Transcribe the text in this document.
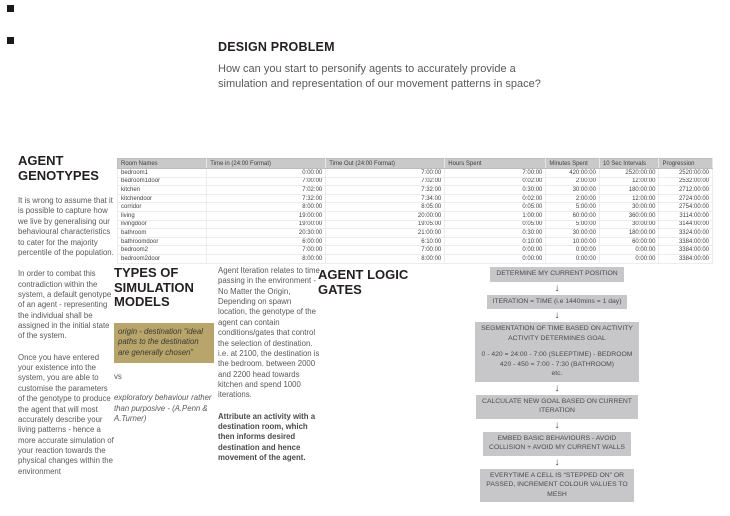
DESIGN PROBLEM

How can you start to personify agents to accurately provide a simulation and representation of our movement patterns in space?

AGENT GENOTYPES

It is wrong to assume that it is possible to capture how we live by generalising our behavioural characteristics to cater for the majority percentile of the population.

In order to combat this contradiction within the system, a default genotype of an agent - representing the individual shall be assigned in the initial state of the system.

Once you have entered your existence into the system, you are able to customise the parameters of the genotype to produce the agent that will most accurately describe your living patterns - hence a more accurate simulation of your reaction towards the physical changes within the environment

Room Names	Time in (24:00 Format)	Time Out (24:00 Format)	Hours Spent	Minutes Spent	10 Sec Intervals	Progression
bedroom1	0:00:00	7:00:00	7:00:00	420:00:00	2520:00:00	2520:00:00
bedroom1door	7:00:00	7:02:00	0:02:00	2:00:00	12:00:00	2532:00:00
kitchen	7:02:00	7:32:00	0:30:00	30:00:00	180:00:00	2712:00:00
kitchendoor	7:32:00	7:34:00	0:02:00	2:00:00	12:00:00	2724:00:00
corridor	8:00:00	8:05:00	0:05:00	5:00:00	30:00:00	2754:00:00
living	19:00:00	20:00:00	1:00:00	60:00:00	360:00:00	3114:00:00
livingdoor	19:00:00	19:05:00	0:05:00	5:00:00	30:00:00	3144:00:00
bathroom	20:30:00	21:00:00	0:30:00	30:00:00	180:00:00	3324:00:00
bathroomdoor	6:00:00	6:10:00	0:10:00	10:00:00	60:00:00	3384:00:00
bedroom2	7:00:00	7:00:00	0:00:00	0:00:00	0:00:00	3384:00:00
bedroom2door	8:00:00	8:00:00	0:00:00	0:00:00	0:00:00	3384:00:00
TYPES OF SIMULATION MODELS
origin - destination “ideal paths to the destination are generally chosen”
vs
exploratory behaviour rather than purposive - (A.Penn & A.Turner)

Agent Iteration relates to time passing in the environment - No Matter the Origin, Depending on spawn location, the genotype of the agent can contain conditions/gates that control the selection of destination. i.e. at 2100, the destination is the bedroom. between 2000 and 2200 head towards kitchen and spend 1000 iterations.

Attribute an activity with a destination room, which then informs desired destination and hence movement of the agent.

AGENT LOGIC GATES
DETERMINE MY CURRENT POSITION
↓
ITERATION = TIME (i.e 1440mins = 1 day)
↓
SEGMENTATION OF TIME BASED ON ACTIVITY
ACTIVITY DETERMINES GOAL
0 - 420 = 24:00 - 7:00 (SLEEPTIME) - BEDROOM
420 - 450 = 7:00 - 7:30 (BATHROOM)
etc.
↓
CALCULATE NEW GOAL BASED ON CURRENT
ITERATION
↓
EMBED BASIC BEHAVIOURS - AVOID
COLLISION + AVOID MY CURRENT WALLS
↓
EVERYTIME A CELL IS “STEPPED ON” OR
PASSED, INCREMENT COLOUR VALUES TO
MESH
